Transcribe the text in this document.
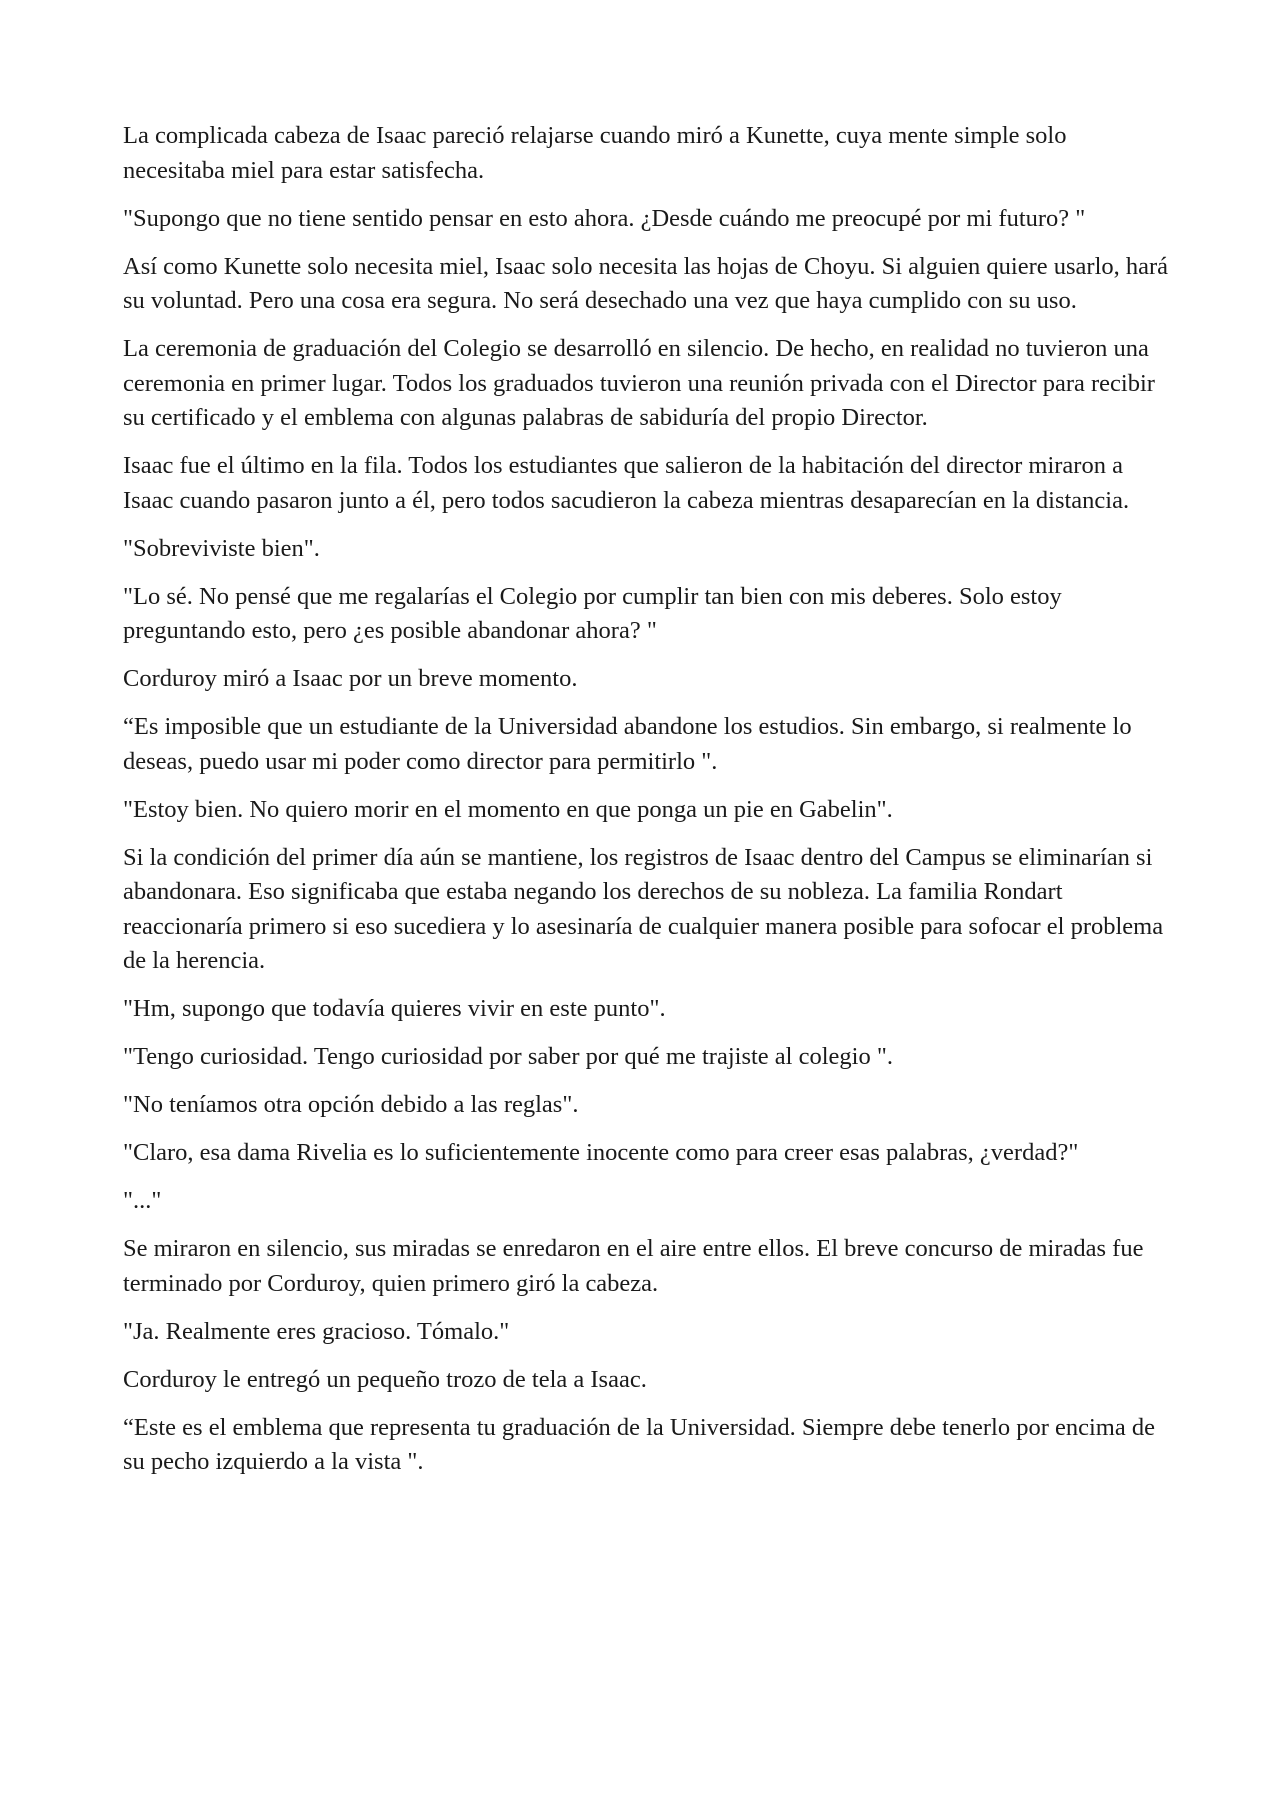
La complicada cabeza de Isaac pareció relajarse cuando miró a Kunette, cuya mente simple solo necesitaba miel para estar satisfecha.

"Supongo que no tiene sentido pensar en esto ahora. ¿Desde cuándo me preocupé por mi futuro? "

Así como Kunette solo necesita miel, Isaac solo necesita las hojas de Choyu. Si alguien quiere usarlo, hará su voluntad. Pero una cosa era segura. No será desechado una vez que haya cumplido con su uso.

La ceremonia de graduación del Colegio se desarrolló en silencio. De hecho, en realidad no tuvieron una ceremonia en primer lugar. Todos los graduados tuvieron una reunión privada con el Director para recibir su certificado y el emblema con algunas palabras de sabiduría del propio Director.

Isaac fue el último en la fila. Todos los estudiantes que salieron de la habitación del director miraron a Isaac cuando pasaron junto a él, pero todos sacudieron la cabeza mientras desaparecían en la distancia.

"Sobreviviste bien".

"Lo sé. No pensé que me regalarías el Colegio por cumplir tan bien con mis deberes. Solo estoy preguntando esto, pero ¿es posible abandonar ahora? "

Corduroy miró a Isaac por un breve momento.

“Es imposible que un estudiante de la Universidad abandone los estudios. Sin embargo, si realmente lo deseas, puedo usar mi poder como director para permitirlo ".

"Estoy bien. No quiero morir en el momento en que ponga un pie en Gabelin".

Si la condición del primer día aún se mantiene, los registros de Isaac dentro del Campus se eliminarían si abandonara. Eso significaba que estaba negando los derechos de su nobleza. La familia Rondart reaccionaría primero si eso sucediera y lo asesinaría de cualquier manera posible para sofocar el problema de la herencia.

"Hm, supongo que todavía quieres vivir en este punto".

"Tengo curiosidad. Tengo curiosidad por saber por qué me trajiste al colegio ".

"No teníamos otra opción debido a las reglas".

"Claro, esa dama Rivelia es lo suficientemente inocente como para creer esas palabras, ¿verdad?"

"..."

Se miraron en silencio, sus miradas se enredaron en el aire entre ellos. El breve concurso de miradas fue terminado por Corduroy, quien primero giró la cabeza.

"Ja. Realmente eres gracioso. Tómalo."

Corduroy le entregó un pequeño trozo de tela a Isaac.

“Este es el emblema que representa tu graduación de la Universidad. Siempre debe tenerlo por encima de su pecho izquierdo a la vista ".
